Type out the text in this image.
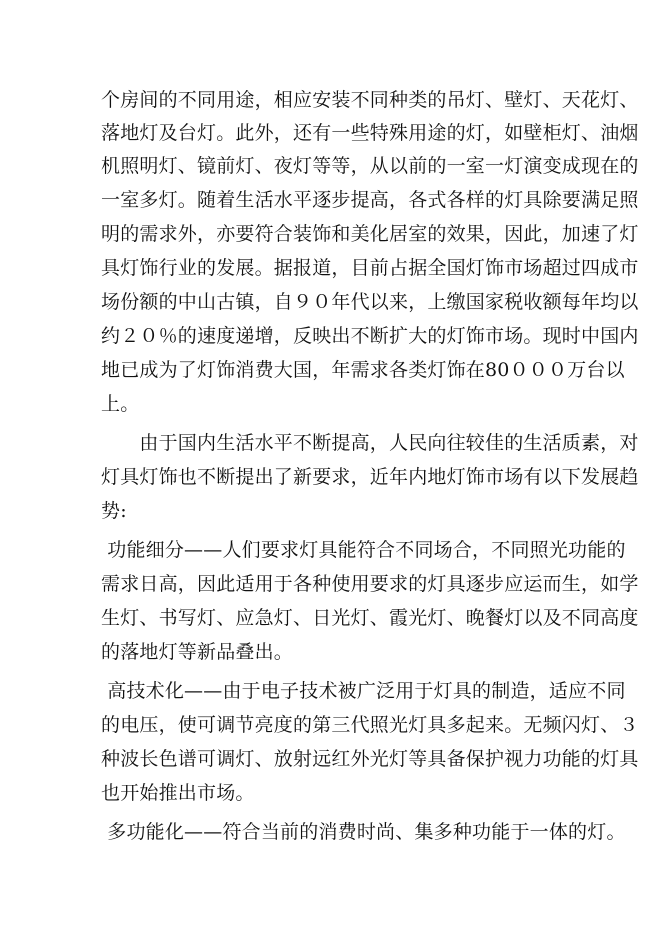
个房间的不同用途，相应安装不同种类的吊灯、壁灯、天花灯、
落地灯及台灯。此外，还有一些特殊用途的灯，如壁柜灯、油烟
机照明灯、镜前灯、夜灯等等，从以前的一室一灯演变成现在的
一室多灯。随着生活水平逐步提高，各式各样的灯具除要满足照
明的需求外，亦要符合装饰和美化居室的效果，因此，加速了灯
具灯饰行业的发展。据报道，目前占据全国灯饰市场超过四成市
场份额的中山古镇，自９０年代以来，上缴国家税收额每年均以
约２０％的速度递增，反映出不断扩大的灯饰市场。现时中国内
地已成为了灯饰消费大国，年需求各类灯饰在80０００万台以
上。
　　由于国内生活水平不断提高，人民向往较佳的生活质素，对
灯具灯饰也不断提出了新要求，近年内地灯饰市场有以下发展趋
势:
功能细分——人们要求灯具能符合不同场合，不同照光功能的
需求日高，因此适用于各种使用要求的灯具逐步应运而生，如学
生灯、书写灯、应急灯、日光灯、霞光灯、晚餐灯以及不同高度
的落地灯等新品叠出。
高技术化——由于电子技术被广泛用于灯具的制造，适应不同
的电压，使可调节亮度的第三代照光灯具多起来。无频闪灯、３
种波长色谱可调灯、放射远红外光灯等具备保护视力功能的灯具
也开始推出市场。
多功能化——符合当前的消费时尚、集多种功能于一体的灯。
